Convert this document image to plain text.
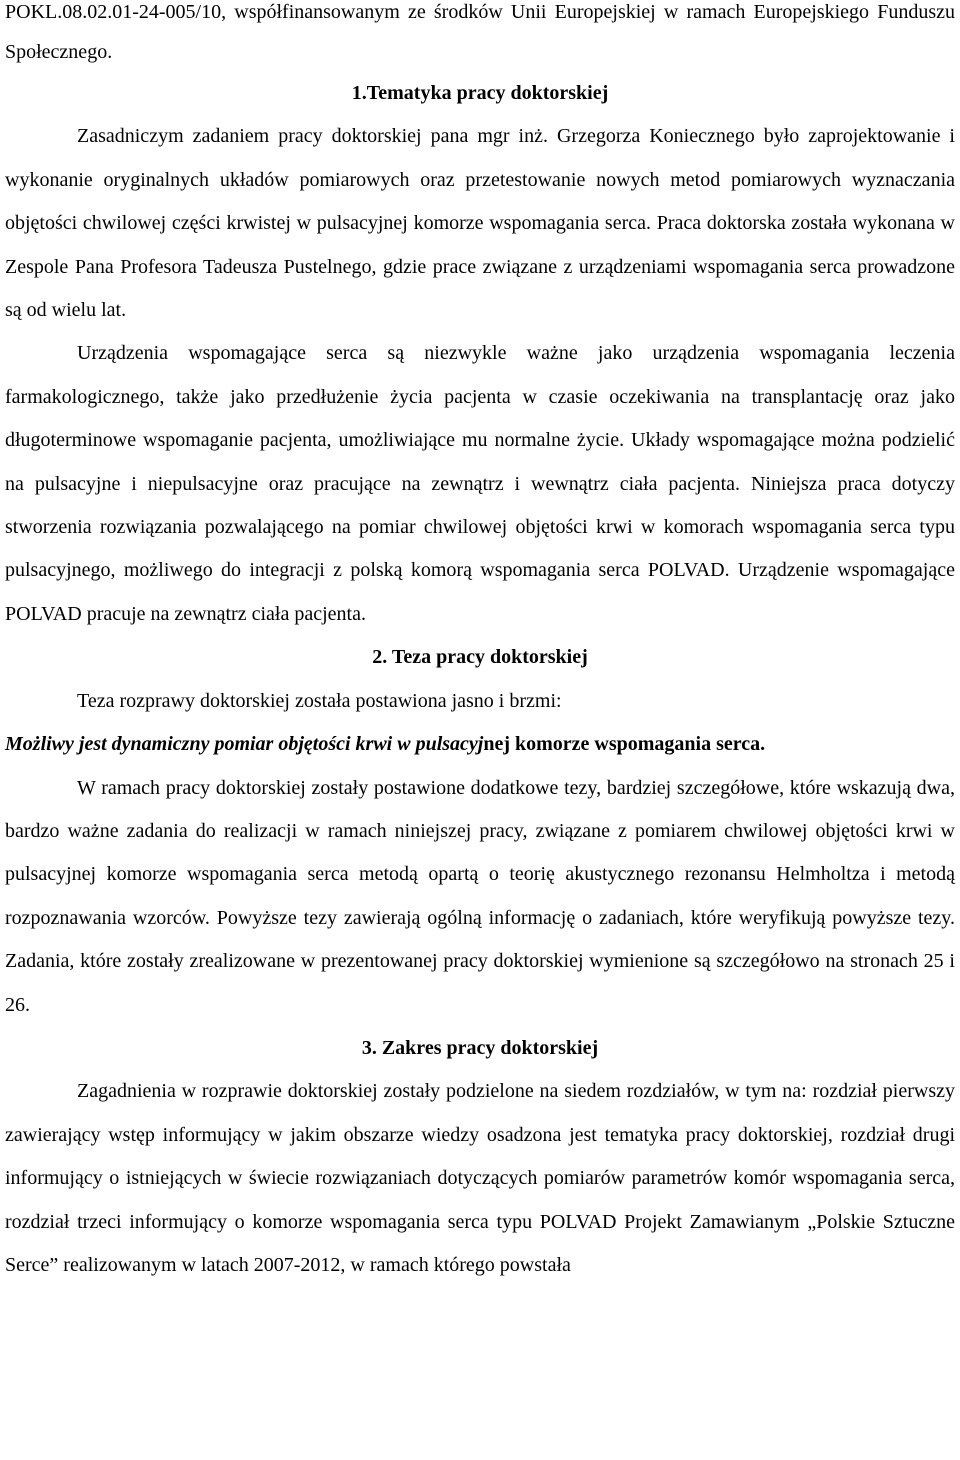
POKL.08.02.01-24-005/10, współfinansowanym ze środków Unii Europejskiej w ramach Europejskiego Funduszu Społecznego.

1.Tematyka pracy doktorskiej

Zasadniczym zadaniem pracy doktorskiej pana mgr inż. Grzegorza Koniecznego było zaprojektowanie i wykonanie oryginalnych układów pomiarowych oraz przetestowanie nowych metod pomiarowych wyznaczania objętości chwilowej części krwistej w pulsacyjnej komorze wspomagania serca. Praca doktorska została wykonana w Zespole Pana Profesora Tadeusza Pustelnego, gdzie prace związane z urządzeniami wspomagania serca prowadzone są od wielu lat.

Urządzenia wspomagające serca są niezwykle ważne jako urządzenia wspomagania leczenia farmakologicznego, także jako przedłużenie życia pacjenta w czasie oczekiwania na transplantację oraz jako długoterminowe wspomaganie pacjenta, umożliwiające mu normalne życie. Układy wspomagające można podzielić na pulsacyjne i niepulsacyjne oraz pracujące na zewnątrz i wewnątrz ciała pacjenta. Niniejsza praca dotyczy stworzenia rozwiązania pozwalającego na pomiar chwilowej objętości krwi w komorach wspomagania serca typu pulsacyjnego, możliwego do integracji z polską komorą wspomagania serca POLVAD. Urządzenie wspomagające POLVAD pracuje na zewnątrz ciała pacjenta.

2. Teza pracy doktorskiej

Teza rozprawy doktorskiej została postawiona jasno i brzmi:

Możliwy jest dynamiczny pomiar objętości krwi w pulsacyjnej komorze wspomagania serca.

W ramach pracy doktorskiej zostały postawione dodatkowe tezy, bardziej szczegółowe, które wskazują dwa, bardzo ważne zadania do realizacji w ramach niniejszej pracy, związane z pomiarem chwilowej objętości krwi w pulsacyjnej komorze wspomagania serca metodą opartą o teorię akustycznego rezonansu Helmholtza i metodą rozpoznawania wzorców. Powyższe tezy zawierają ogólną informację o zadaniach, które weryfikują powyższe tezy. Zadania, które zostały zrealizowane w prezentowanej pracy doktorskiej wymienione są szczegółowo na stronach 25 i 26.

3. Zakres pracy doktorskiej

Zagadnienia w rozprawie doktorskiej zostały podzielone na siedem rozdziałów, w tym na: rozdział pierwszy zawierający wstęp informujący w jakim obszarze wiedzy osadzona jest tematyka pracy doktorskiej, rozdział drugi informujący o istniejących w świecie rozwiązaniach dotyczących pomiarów parametrów komór wspomagania serca, rozdział trzeci informujący o komorze wspomagania serca typu POLVAD Projekt Zamawianym „Polskie Sztuczne Serce” realizowanym w latach 2007-2012, w ramach którego powstała
